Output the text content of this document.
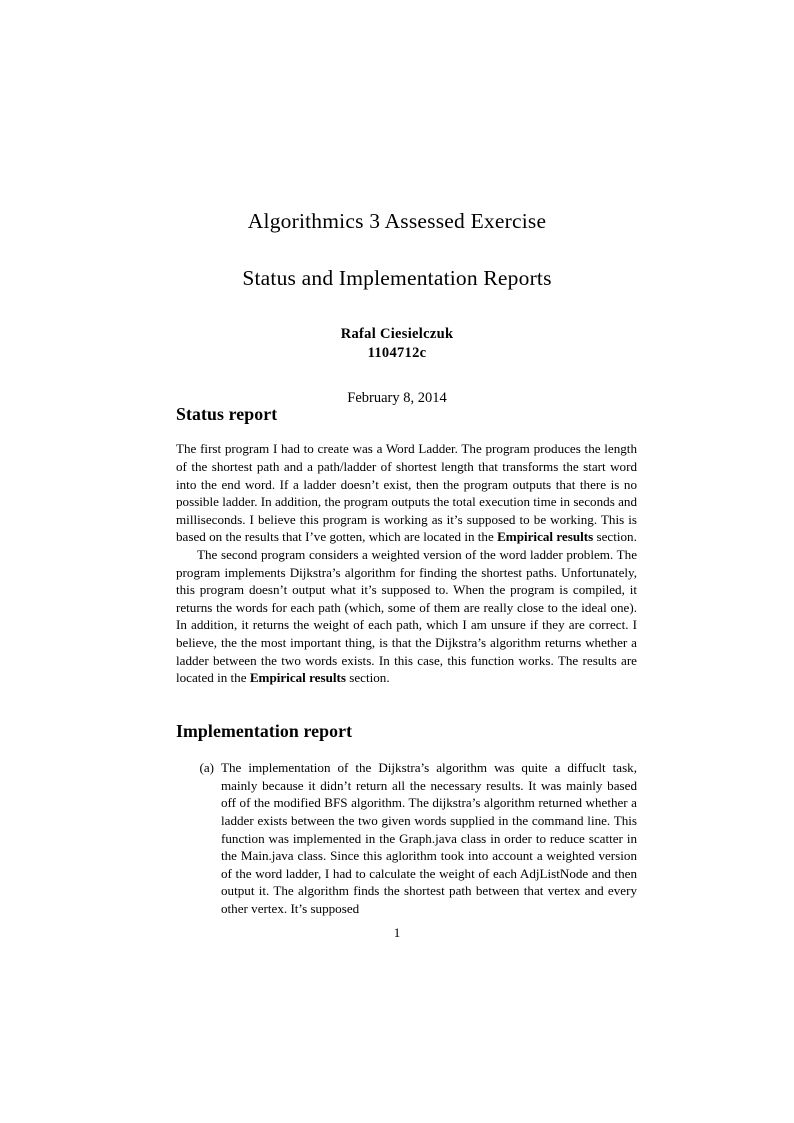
Algorithmics 3 Assessed Exercise
Status and Implementation Reports
Rafal Ciesielczuk
1104712c
February 8, 2014
Status report

The first program I had to create was a Word Ladder. The program produces the length of the shortest path and a path/ladder of shortest length that transforms the start word into the end word. If a ladder doesn’t exist, then the program outputs that there is no possible ladder. In addition, the program outputs the total execution time in seconds and milliseconds. I believe this program is working as it’s supposed to be working. This is based on the results that I’ve gotten, which are located in the Empirical results section.

The second program considers a weighted version of the word ladder problem. The program implements Dijkstra’s algorithm for finding the shortest paths. Unfortunately, this program doesn’t output what it’s supposed to. When the program is compiled, it returns the words for each path (which, some of them are really close to the ideal one). In addition, it returns the weight of each path, which I am unsure if they are correct. I believe, the the most important thing, is that the Dijkstra’s algorithm returns whether a ladder between the two words exists. In this case, this function works. The results are located in the Empirical results section.

Implementation report
(a) The implementation of the Dijkstra’s algorithm was quite a diffuclt task, mainly because it didn’t return all the necessary results. It was mainly based off of the modified BFS algorithm. The dijkstra’s algorithm returned whether a ladder exists between the two given words supplied in the command line. This function was implemented in the Graph.java class in order to reduce scatter in the Main.java class. Since this aglorithm took into account a weighted version of the word ladder, I had to calculate the weight of each AdjListNode and then output it. The algorithm finds the shortest path between that vertex and every other vertex. It’s supposed
1
